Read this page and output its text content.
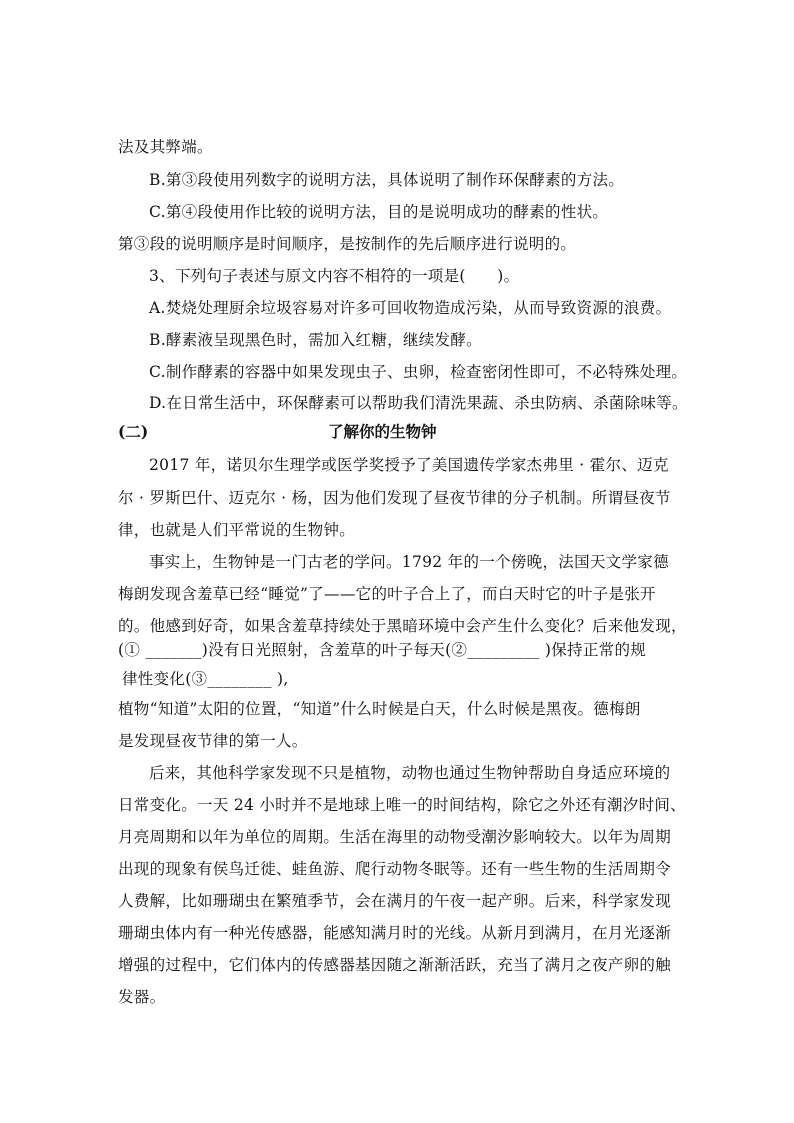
法及其弊端。
B.第③段使用列数字的说明方法，具体说明了制作环保酵素的方法。
C.第④段使用作比较的说明方法，目的是说明成功的酵素的性状。
第③段的说明顺序是时间顺序，是按制作的先后顺序进行说明的。
3、下列句子表述与原文内容不相符的一项是(　　)。
A.焚烧处理厨余垃圾容易对许多可回收物造成污染，从而导致资源的浪费。
B.酵素液呈现黑色时，需加入红糖，继续发酵。
C.制作酵素的容器中如果发现虫子、虫卵，检查密闭性即可，不必特殊处理。
D.在日常生活中，环保酵素可以帮助我们清洗果蔬、杀虫防病、杀菌除味等。
(二)	了解你的生物钟
2017 年，诺贝尔生理学或医学奖授予了美国遗传学家杰弗里 · 霍尔、迈克
尔 · 罗斯巴什、迈克尔 · 杨，因为他们发现了昼夜节律的分子机制。所谓昼夜节
律，也就是人们平常说的生物钟。
事实上，生物钟是一门古老的学问。1792 年的一个傍晚，法国天文学家德
梅朗发现含羞草已经“睡觉”了——它的叶子合上了，而白天时它的叶子是张开
的。他感到好奇，如果含羞草持续处于黑暗环境中会产生什么变化？后来他发现，
(① _______)没有日光照射，含羞草的叶子每天(②_________ )保持正常的规
律性变化(③________ ),
植物“知道”太阳的位置，“知道”什么时候是白天，什么时候是黑夜。德梅朗
是发现昼夜节律的第一人。
后来，其他科学家发现不只是植物，动物也通过生物钟帮助自身适应环境的
日常变化。一天 24 小时并不是地球上唯一的时间结构，除它之外还有潮汐时间、
月亮周期和以年为单位的周期。生活在海里的动物受潮汐影响较大。以年为周期
出现的现象有侯鸟迁徙、蛙鱼游、爬行动物冬眠等。还有一些生物的生活周期令
人费解，比如珊瑚虫在繁殖季节，会在满月的午夜一起产卵。后来，科学家发现
珊瑚虫体内有一种光传感器，能感知满月时的光线。从新月到满月，在月光逐渐
增强的过程中，它们体内的传感器基因随之渐渐活跃，充当了满月之夜产卵的触
发器。
